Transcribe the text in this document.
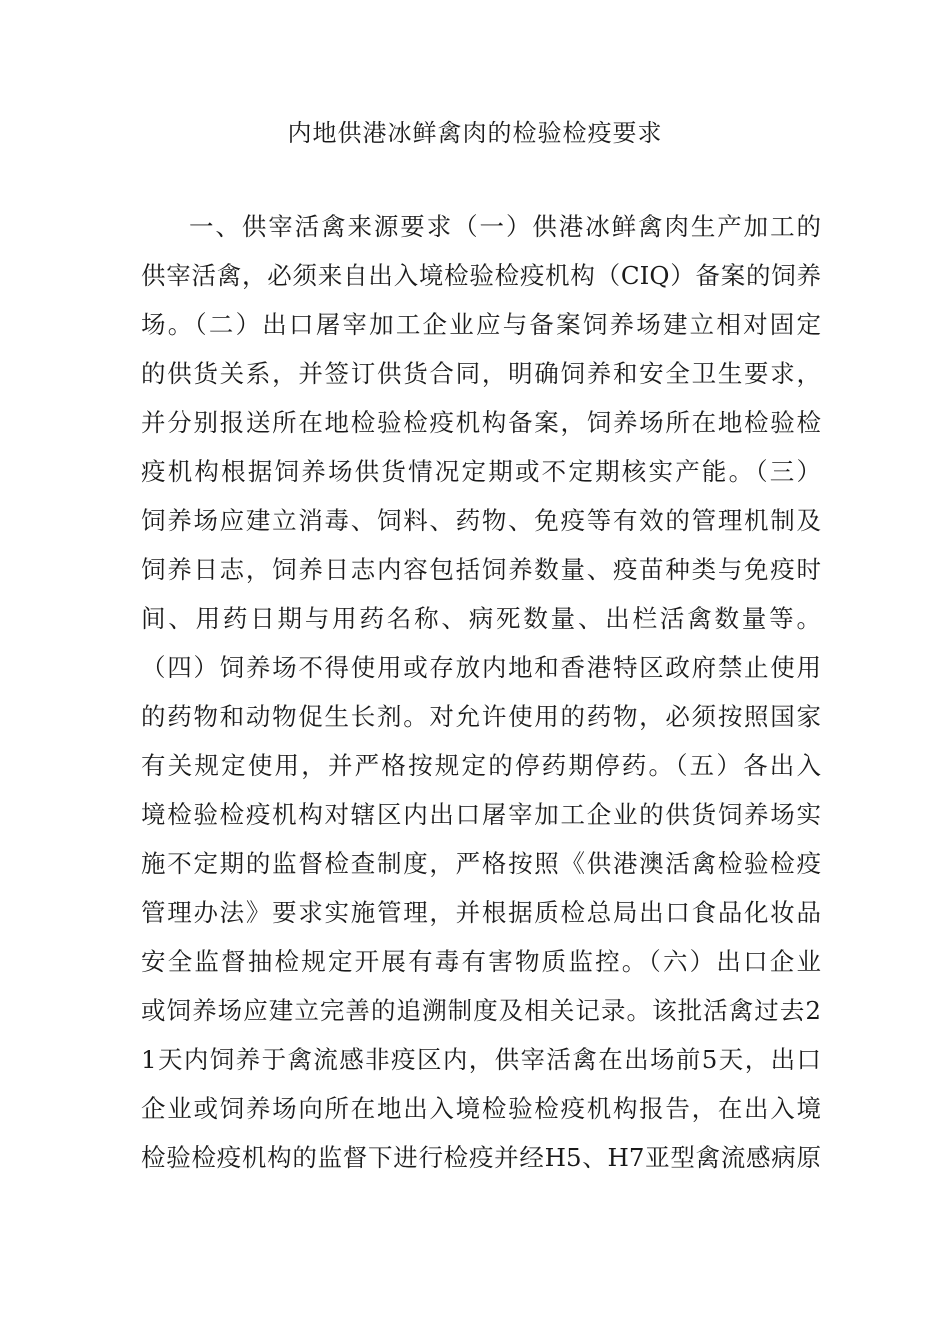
内地供港冰鲜禽肉的检验检疫要求
一、供宰活禽来源要求（一）供港冰鲜禽肉生产加工的
供宰活禽，必须来自出入境检验检疫机构（CIQ）备案的饲养
场。（二）出口屠宰加工企业应与备案饲养场建立相对固定
的供货关系，并签订供货合同，明确饲养和安全卫生要求，
并分别报送所在地检验检疫机构备案，饲养场所在地检验检
疫机构根据饲养场供货情况定期或不定期核实产能。（三）
饲养场应建立消毒、饲料、药物、免疫等有效的管理机制及
饲养日志，饲养日志内容包括饲养数量、疫苗种类与免疫时
间、用药日期与用药名称、病死数量、出栏活禽数量等。
（四）饲养场不得使用或存放内地和香港特区政府禁止使用
的药物和动物促生长剂。对允许使用的药物，必须按照国家
有关规定使用，并严格按规定的停药期停药。（五）各出入
境检验检疫机构对辖区内出口屠宰加工企业的供货饲养场实
施不定期的监督检查制度，严格按照《供港澳活禽检验检疫
管理办法》要求实施管理，并根据质检总局出口食品化妆品
安全监督抽检规定开展有毒有害物质监控。（六）出口企业
或饲养场应建立完善的追溯制度及相关记录。该批活禽过去2
1天内饲养于禽流感非疫区内，供宰活禽在出场前5天，出口
企业或饲养场向所在地出入境检验检疫机构报告，在出入境
检验检疫机构的监督下进行检疫并经H5、H7亚型禽流感病原
